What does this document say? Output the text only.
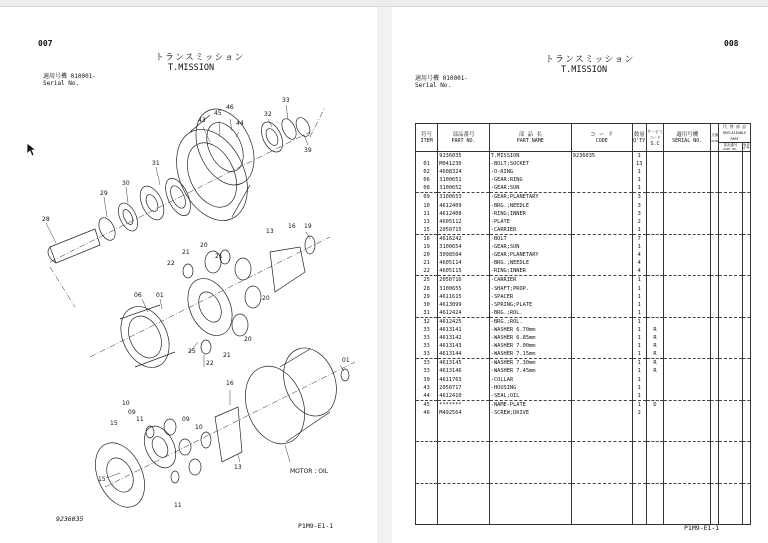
007
トランスミッション
T.MISSION
適用号機 010001-
Serial No.
43
45
46
44
32
33
39
31
30
29
28
13
16 19
20
21
21
22
20
20
25
21
22
06 01
01
16
10
09
11	09
10
15
15
13
11
MOTOR ; OIL
9236035
P1M9-E1-1
008
トランスミッション
T.MISSION
適用号機 010001-
Serial No.
符号
ITEM	部品番号
PART NO.	部 品 名
PART NAME	コ ー ド
CODE	数量
Q'TY	サービス コード
S.C	適用号機
SERIAL NO.	互換
ICHG	代 替 部 品
REPLACEABLE PART	

								部品番号
PART NO.	数量
Q'TY

	9236035	T.MISSION	9236035	1					
01	M041230	-BOLT;SOCKET		13					
02	4608324	-O-RING		1					
06	3100651	-GEAR;RING		1					
08	3100652	-GEAR;SUN		1					
09	3100653	-GEAR;PLANETARY		3					
10	4612409	-BRG.;NEEDLE		3					
11	4612408	-RING;INNER		3					
13	4605112	-PLATE		2					
15	2050715	-CARRIER		1					
16	4616242	-BOLT		7					
19	3100654	-GEAR;SUN		1					
20	3098504	-GEAR;PLANETARY		4					
21	4605114	-BRG.;NEEDLE		4					
22	4605115	-RING;INNER		4					
25	2050716	-CARRIER		1					
28	3100655	-SHAFT;PROP.		1					
29	4611615	-SPACER		1					
30	4613099	-SPRING;PLATE		1					
31	4612424	-BRG.;ROL.		1					
32	4612425	-BRG.;ROL.		1					
33	4613141	-WASHER 6.70mm		1	R				
33	4613142	-WASHER 6.85mm		1	R				
33	4613143	-WASHER 7.00mm		1	R				
33	4613144	-WASHER 7.15mm		1	R				
33	4613145	-WASHER 7.30mm		1	R				
33	4613146	-WASHER 7.45mm		1	R				
39	4611763	-COLLAR		1					
43	2050717	-HOUSING		1					
44	4612410	-SEAL;OIL		1					
45	*******	-NAME-PLATE		1	D				
46	M492564	-SCREW;DRIVE		2					

P1M9-E1-1
